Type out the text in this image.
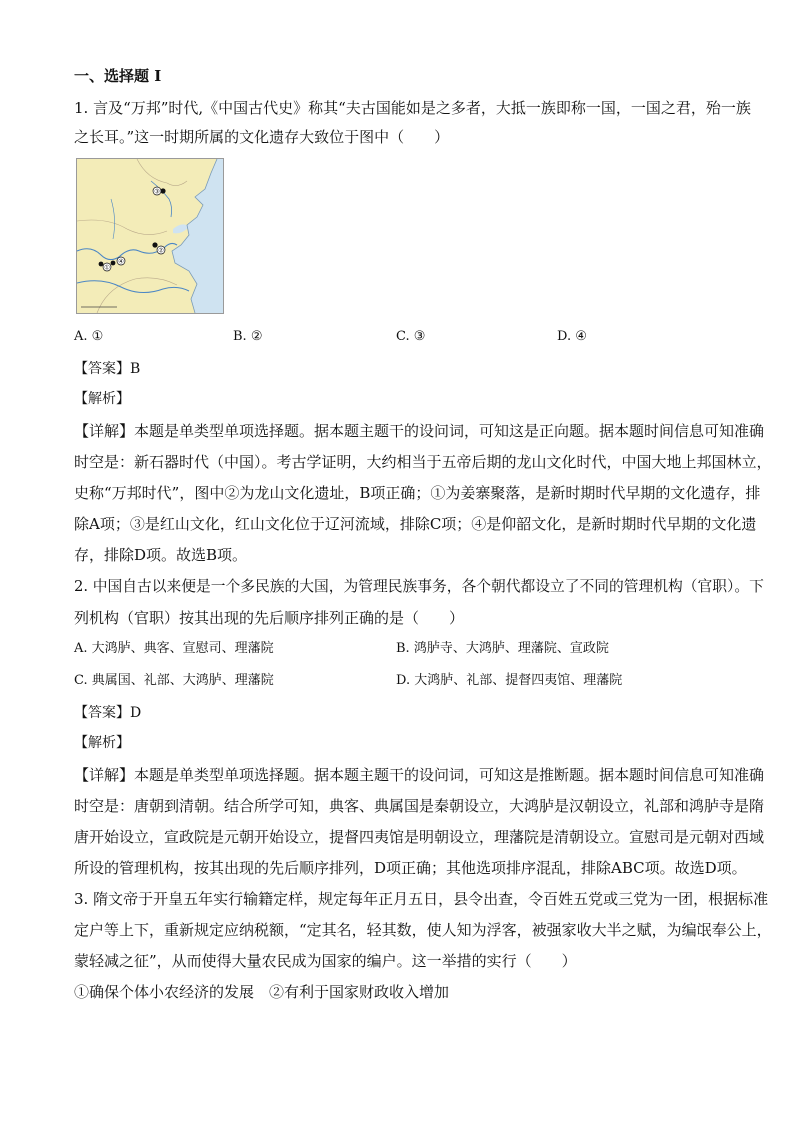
一、选择题 I
1. 言及“万邦”时代,《中国古代史》称其“夫古国能如是之多者，大抵一族即称一国，一国之君，殆一族
之长耳。”这一时期所属的文化遗存大致位于图中（　　）
③
②
①
④
A. ①	B. ②	C. ③	D. ④
【答案】B
【解析】
【详解】本题是单类型单项选择题。据本题主题干的设问词，可知这是正向题。据本题时间信息可知准确
时空是：新石器时代（中国）。考古学证明，大约相当于五帝后期的龙山文化时代，中国大地上邦国林立，
史称“万邦时代”，图中②为龙山文化遗址，B项正确；①为姜寨聚落，是新时期时代早期的文化遗存，排
除A项；③是红山文化，红山文化位于辽河流域，排除C项；④是仰韶文化，是新时期时代早期的文化遗
存，排除D项。故选B项。
2. 中国自古以来便是一个多民族的大国，为管理民族事务，各个朝代都设立了不同的管理机构（官职）。下
列机构（官职）按其出现的先后顺序排列正确的是（　　）
A. 大鸿胪、典客、宣慰司、理藩院	B. 鸿胪寺、大鸿胪、理藩院、宣政院
C. 典属国、礼部、大鸿胪、理藩院	D. 大鸿胪、礼部、提督四夷馆、理藩院
【答案】D
【解析】
【详解】本题是单类型单项选择题。据本题主题干的设问词，可知这是推断题。据本题时间信息可知准确
时空是：唐朝到清朝。结合所学可知，典客、典属国是秦朝设立，大鸿胪是汉朝设立，礼部和鸿胪寺是隋
唐开始设立，宣政院是元朝开始设立，提督四夷馆是明朝设立，理藩院是清朝设立。宣慰司是元朝对西域
所设的管理机构，按其出现的先后顺序排列，D项正确；其他选项排序混乱，排除ABC项。故选D项。
3. 隋文帝于开皇五年实行输籍定样，规定每年正月五日，县令出查，令百姓五党或三党为一团，根据标准
定户等上下，重新规定应纳税额，“定其名，轻其数，使人知为浮客，被强家收大半之赋，为编氓奉公上，
蒙轻减之征”，从而使得大量农民成为国家的编户。这一举措的实行（　　）
①确保个体小农经济的发展　②有利于国家财政收入增加
